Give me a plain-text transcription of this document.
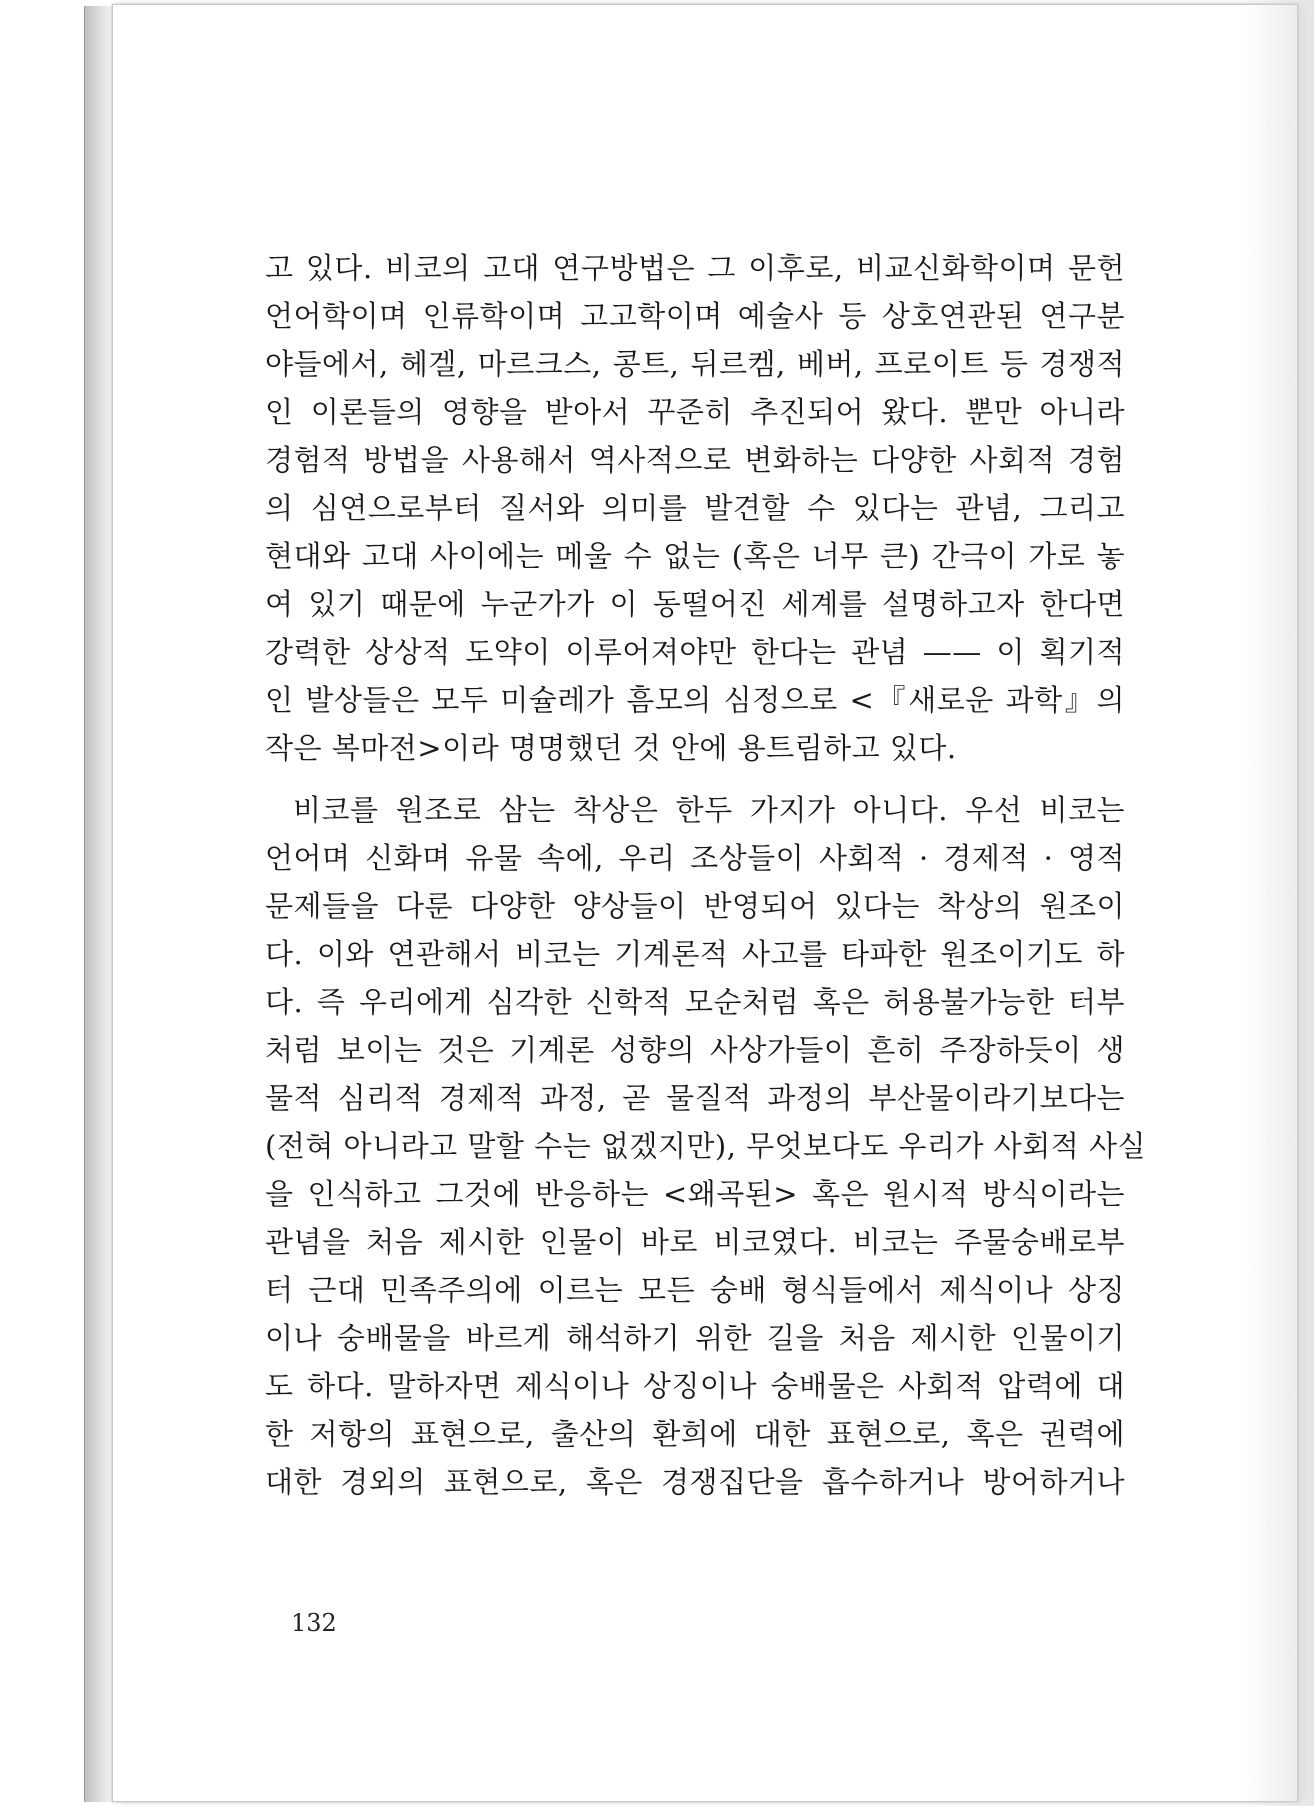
고 있다. 비코의 고대 연구방법은 그 이후로, 비교신화학이며 문헌
언어학이며 인류학이며 고고학이며 예술사 등 상호연관된 연구분
야들에서, 헤겔, 마르크스, 콩트, 뒤르켐, 베버, 프로이트 등 경쟁적
인 이론들의 영향을 받아서 꾸준히 추진되어 왔다. 뿐만 아니라
경험적 방법을 사용해서 역사적으로 변화하는 다양한 사회적 경험
의 심연으로부터 질서와 의미를 발견할 수 있다는 관념, 그리고
현대와 고대 사이에는 메울 수 없는 (혹은 너무 큰) 간극이 가로 놓
여 있기 때문에 누군가가 이 동떨어진 세계를 설명하고자 한다면
강력한 상상적 도약이 이루어져야만 한다는 관념 —— 이 획기적
인 발상들은 모두 미슐레가 흠모의 심정으로 <『새로운 과학』의
작은 복마전>이라 명명했던 것 안에 용트림하고 있다.
비코를 원조로 삼는 착상은 한두 가지가 아니다. 우선 비코는
언어며 신화며 유물 속에, 우리 조상들이 사회적 · 경제적 · 영적
문제들을 다룬 다양한 양상들이 반영되어 있다는 착상의 원조이
다. 이와 연관해서 비코는 기계론적 사고를 타파한 원조이기도 하
다. 즉 우리에게 심각한 신학적 모순처럼 혹은 허용불가능한 터부
처럼 보이는 것은 기계론 성향의 사상가들이 흔히 주장하듯이 생
물적 심리적 경제적 과정, 곧 물질적 과정의 부산물이라기보다는
(전혀 아니라고 말할 수는 없겠지만), 무엇보다도 우리가 사회적 사실
을 인식하고 그것에 반응하는 <왜곡된> 혹은 원시적 방식이라는
관념을 처음 제시한 인물이 바로 비코였다. 비코는 주물숭배로부
터 근대 민족주의에 이르는 모든 숭배 형식들에서 제식이나 상징
이나 숭배물을 바르게 해석하기 위한 길을 처음 제시한 인물이기
도 하다. 말하자면 제식이나 상징이나 숭배물은 사회적 압력에 대
한 저항의 표현으로, 출산의 환희에 대한 표현으로, 혹은 권력에
대한 경외의 표현으로, 혹은 경쟁집단을 흡수하거나 방어하거나
132
